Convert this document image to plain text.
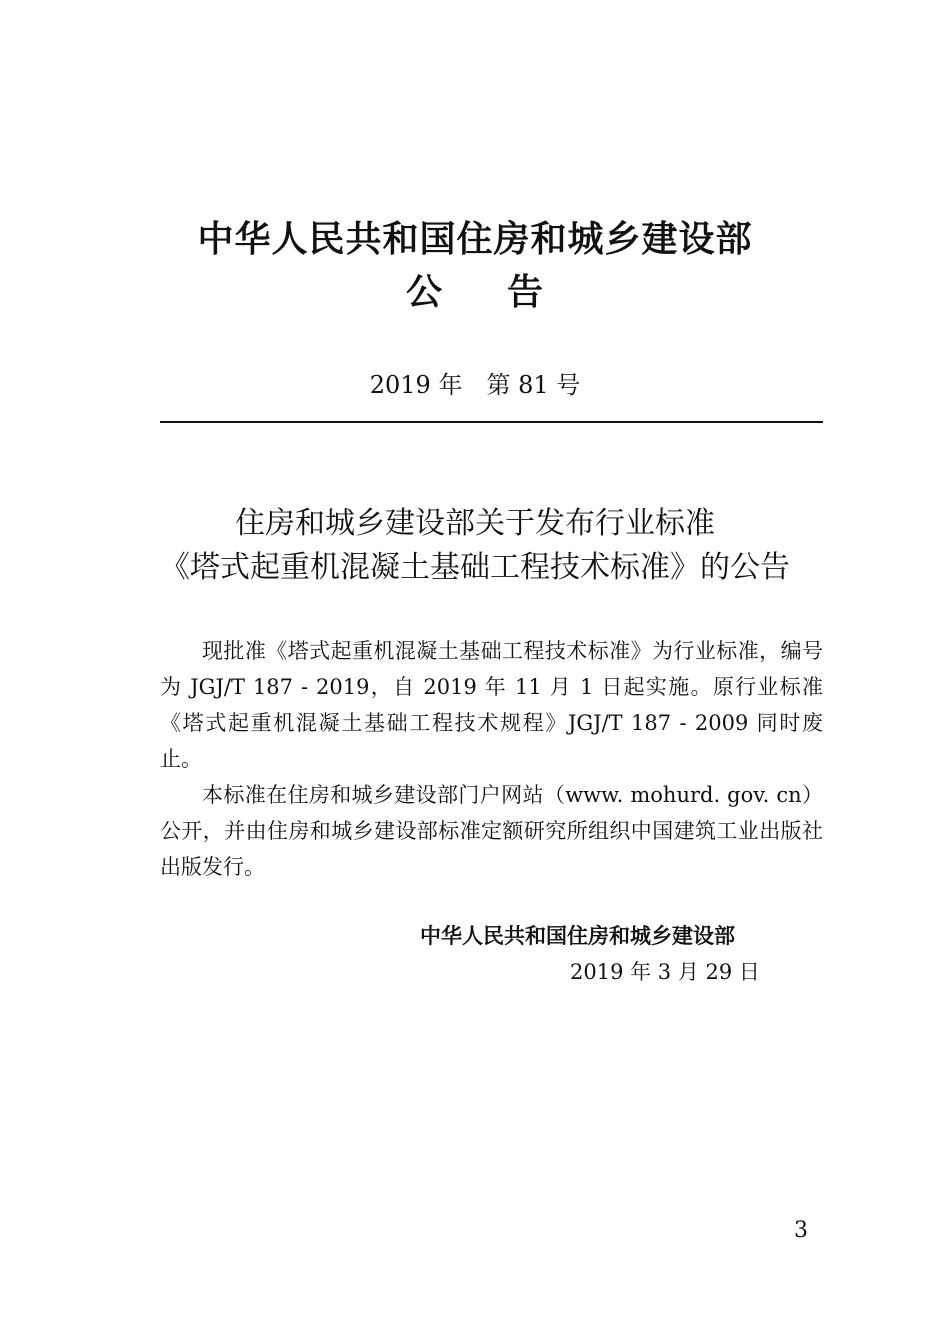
中华人民共和国住房和城乡建设部
公 告
2019 年　第 81 号
住房和城乡建设部关于发布行业标准
《塔式起重机混凝土基础工程技术标准》的公告

现批准《塔式起重机混凝土基础工程技术标准》为行业标准，编号为 JGJ/T 187 - 2019，自 2019 年 11 月 1 日起实施。原行业标准《塔式起重机混凝土基础工程技术规程》JGJ/T 187 - 2009 同时废止。

本标准在住房和城乡建设部门户网站（www. mohurd. gov. cn）公开，并由住房和城乡建设部标准定额研究所组织中国建筑工业出版社出版发行。

中华人民共和国住房和城乡建设部
2019 年 3 月 29 日
3
